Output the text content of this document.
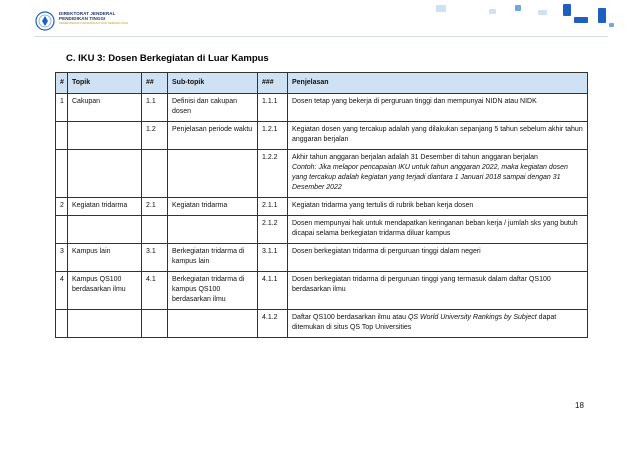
DIREKTORAT JENDERAL
PENDIDIKAN TINGGI
KEMENTERIAN PENDIDIKAN DAN KEBUDAYAAN
C. IKU 3: Dosen Berkegiatan di Luar Kampus
#	Topik	##	Sub-topik	###	Penjelasan
1	Cakupan	1.1	Definisi dan cakupan dosen	1.1.1	Dosen tetap yang bekerja di perguruan tinggi dan mempunyai NIDN atau NIDK
		1.2	Penjelasan periode waktu	1.2.1	Kegiatan dosen yang tercakup adalah yang dilakukan sepanjang 5 tahun sebelum akhir tahun anggaran berjalan
				1.2.2	Akhir tahun anggaran berjalan adalah 31 Desember di tahun anggaran berjalan
Contoh: Jika melapor pencapaian IKU untuk tahun anggaran 2022, maka kegiatan dosen yang tercakup adalah kegiatan yang terjadi diantara 1 Januari 2018 sampai dengan 31 Desember 2022

2	Kegiatan tridarma	2.1	Kegiatan tridarma	2.1.1	Kegiatan tridarma yang tertulis di rubrik beban kerja dosen
				2.1.2	Dosen mempunyai hak untuk mendapatkan keringanan beban kerja / jumlah sks yang butuh dicapai selama berkegiatan tridarma diluar kampus
3	Kampus lain	3.1	Berkegiatan tridarma di kampus lain	3.1.1	Dosen berkegiatan tridarma di perguruan tinggi dalam negeri
4	Kampus QS100 berdasarkan ilmu	4.1	Berkegiatan tridarma di kampus QS100 berdasarkan ilmu	4.1.1	Dosen berkegiatan tridarma di perguruan tinggi yang termasuk dalam daftar QS100 berdasarkan ilmu
				4.1.2	Daftar QS100 berdasarkan ilmu atau QS World University Rankings by Subject dapat ditemukan di situs QS Top Universities
18
